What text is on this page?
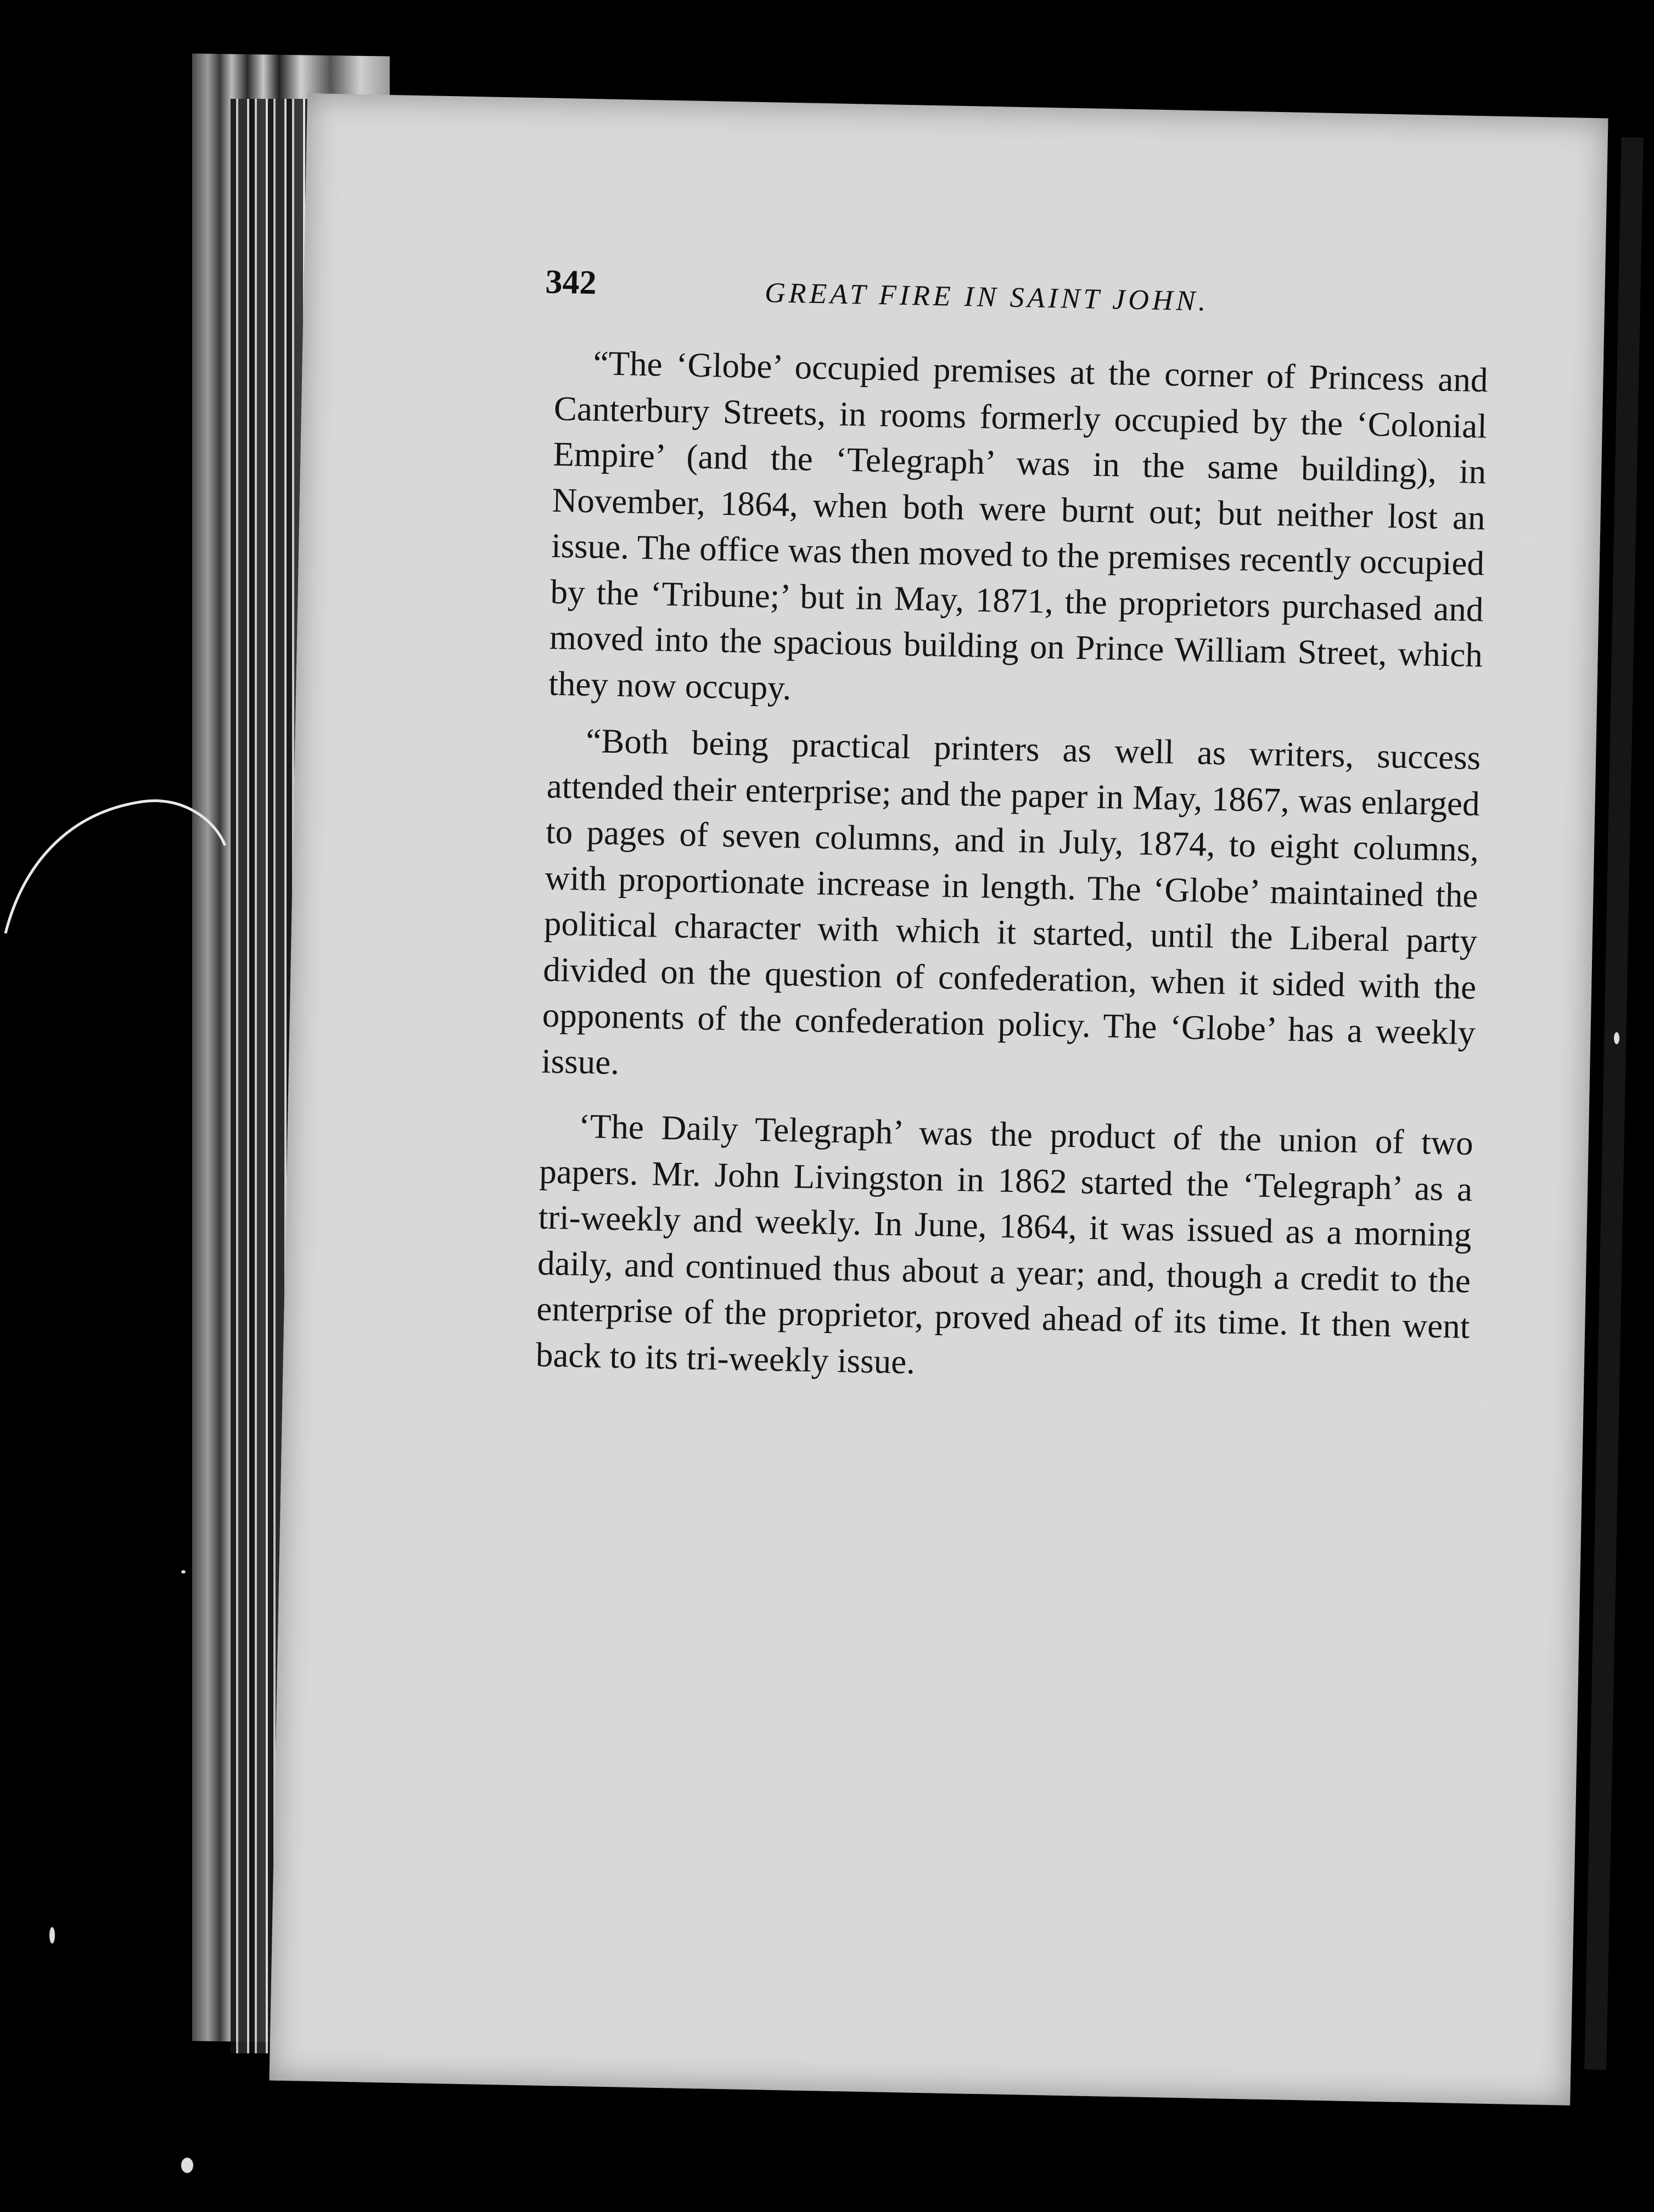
342	GREAT FIRE IN SAINT JOHN.

“The ‘Globe’ occupied premises at the corner of Princess and Canterbury Streets, in rooms formerly occupied by the ‘Colonial Empire’ (and the ‘Telegraph’ was in the same building), in November, 1864, when both were burnt out; but neither lost an issue. The office was then moved to the premises recently occupied by the ‘Tribune;’ but in May, 1871, the proprietors purchased and moved into the spacious building on Prince William Street, which they now occupy.

“Both being practical printers as well as writers, success attended their enterprise; and the paper in May, 1867, was enlarged to pages of seven columns, and in July, 1874, to eight columns, with proportionate increase in length. The ‘Globe’ maintained the political character with which it started, until the Liberal party divided on the question of confederation, when it sided with the opponents of the confederation policy. The ‘Globe’ has a weekly issue.

‘The Daily Telegraph’ was the product of the union of two papers. Mr. John Livingston in 1862 started the ‘Telegraph’ as a tri-weekly and weekly. In June, 1864, it was issued as a morning daily, and continued thus about a year; and, though a credit to the enterprise of the proprietor, proved ahead of its time. It then went back to its tri-weekly issue.
